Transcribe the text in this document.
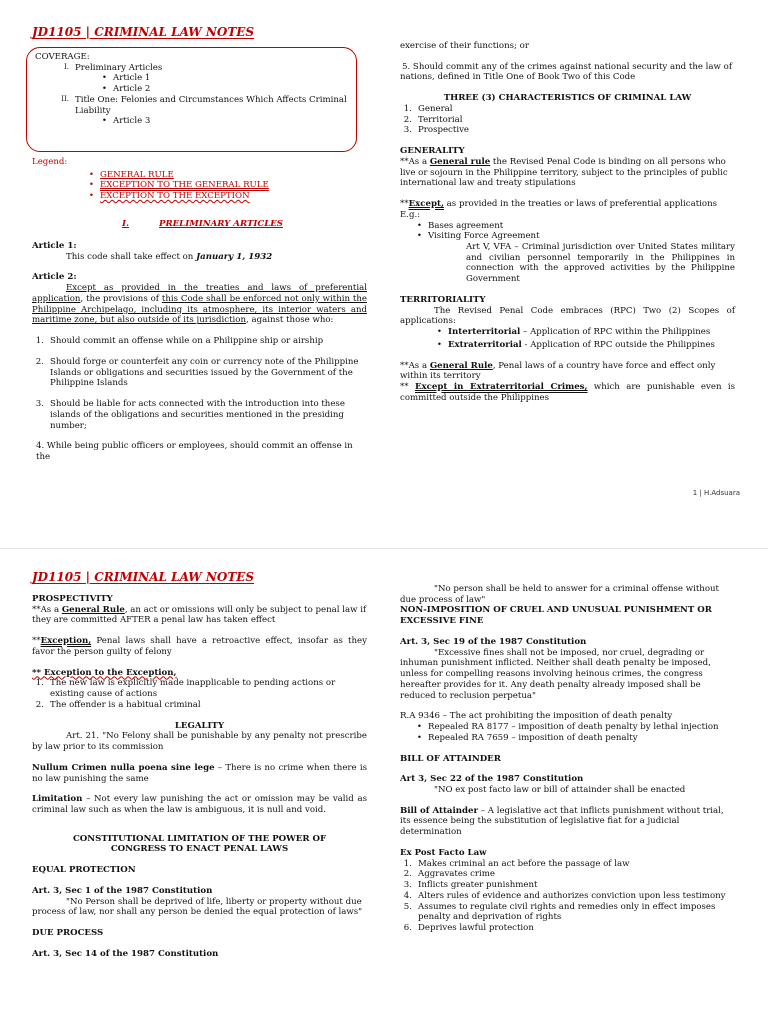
JD1105 | CRIMINAL LAW NOTES
COVERAGE:
I. Preliminary Articles
• Article 1
• Article 2
II. Title One: Felonies and Circumstances Which Affects Criminal Liability
• Article 3
Legend:
• GENERAL RULE
• EXCEPTION TO THE GENERAL RULE
• EXCEPTION TO THE EXCEPTION
I.	PRELIMINARY ARTICLES
Article 1:
This code shall take effect on January 1, 1932
Article 2:
Except as provided in the treaties and laws of preferential application, the provisions of this Code shall be enforced not only within the Philippine Archipelago, including its atmosphere, its interior waters and maritime zone, but also outside of its jurisdiction, against those who:
1. Should commit an offense while on a Philippine ship or airship
2. Should forge or counterfeit any coin or currency note of the Philippine Islands or obligations and securities issued by the Government of the Philippine Islands
3. Should be liable for acts connected with the introduction into these islands of the obligations and securities mentioned in the presiding number;
4. While being public officers or employees, should commit an offense in the
exercise of their functions; or
5. Should commit any of the crimes against national security and the law of nations, defined in Title One of Book Two of this Code
THREE (3) CHARACTERISTICS OF CRIMINAL LAW
1. General
2. Territorial
3. Prospective
GENERALITY
**As a General rule the Revised Penal Code is binding on all persons who live or sojourn in the Philippine territory, subject to the principles of public international law and treaty stipulations
**Except, as provided in the treaties or laws of preferential applications
E.g.:
• Bases agreement
• Visiting Force Agreement
Art V, VFA – Criminal jurisdiction over United States military and civilian personnel temporarily in the Philippines in connection with the approved activities by the Philippine Government
TERRITORIALITY
The Revised Penal Code embraces (RPC) Two (2) Scopes of applications:
• Interterritorial – Application of RPC within the Philippines
• Extraterritorial - Application of RPC outside the Philippines
**As a General Rule, Penal laws of a country have force and effect only within its territory
** Except in Extraterritorial Crimes, which are punishable even is committed outside the Philippines
1 | H.Adsuara
JD1105 | CRIMINAL LAW NOTES
PROSPECTIVITY
**As a General Rule, an act or omissions will only be subject to penal law if they are committed AFTER a penal law has taken effect
**Exception, Penal laws shall have a retroactive effect, insofar as they favor the person guilty of felony
** Exception to the Exception,
1. The new law is explicitly made inapplicable to pending actions or existing cause of actions
2. The offender is a habitual criminal
LEGALITY
Art. 21. "No Felony shall be punishable by any penalty not prescribe by law prior to its commission
Nullum Crimen nulla poena sine lege – There is no crime when there is no law punishing the same
Limitation – Not every law punishing the act or omission may be valid as criminal law such as when the law is ambiguous, it is null and void.
CONSTITUTIONAL LIMITATION OF THE POWER OF CONGRESS TO ENACT PENAL LAWS
EQUAL PROTECTION
Art. 3, Sec 1 of the 1987 Constitution
"No Person shall be deprived of life, liberty or property without due process of law, nor shall any person be denied the equal protection of laws"
DUE PROCESS
Art. 3, Sec 14 of the 1987 Constitution
"No person shall be held to answer for a criminal offense without due process of law"
NON-IMPOSITION OF CRUEL AND UNUSUAL PUNISHMENT OR EXCESSIVE FINE
Art. 3, Sec 19 of the 1987 Constitution
"Excessive fines shall not be imposed, nor cruel, degrading or inhuman punishment inflicted. Neither shall death penalty be imposed, unless for compelling reasons involving heinous crimes, the congress hereafter provides for it. Any death penalty already imposed shall be reduced to reclusion perpetua"
R.A 9346 – The act prohibiting the imposition of death penalty
• Repealed RA 8177 – imposition of death penalty by lethal injection
• Repealed RA 7659 – imposition of death penalty
BILL OF ATTAINDER
Art 3, Sec 22 of the 1987 Constitution
"NO ex post facto law or bill of attainder shall be enacted
Bill of Attainder – A legislative act that inflicts punishment without trial, its essence being the substitution of legislative fiat for a judicial determination
Ex Post Facto Law
1. Makes criminal an act before the passage of law
2. Aggravates crime
3. Inflicts greater punishment
4. Alters rules of evidence and authorizes conviction upon less testimony
5. Assumes to regulate civil rights and remedies only in effect imposes penalty and deprivation of rights
6. Deprives lawful protection
